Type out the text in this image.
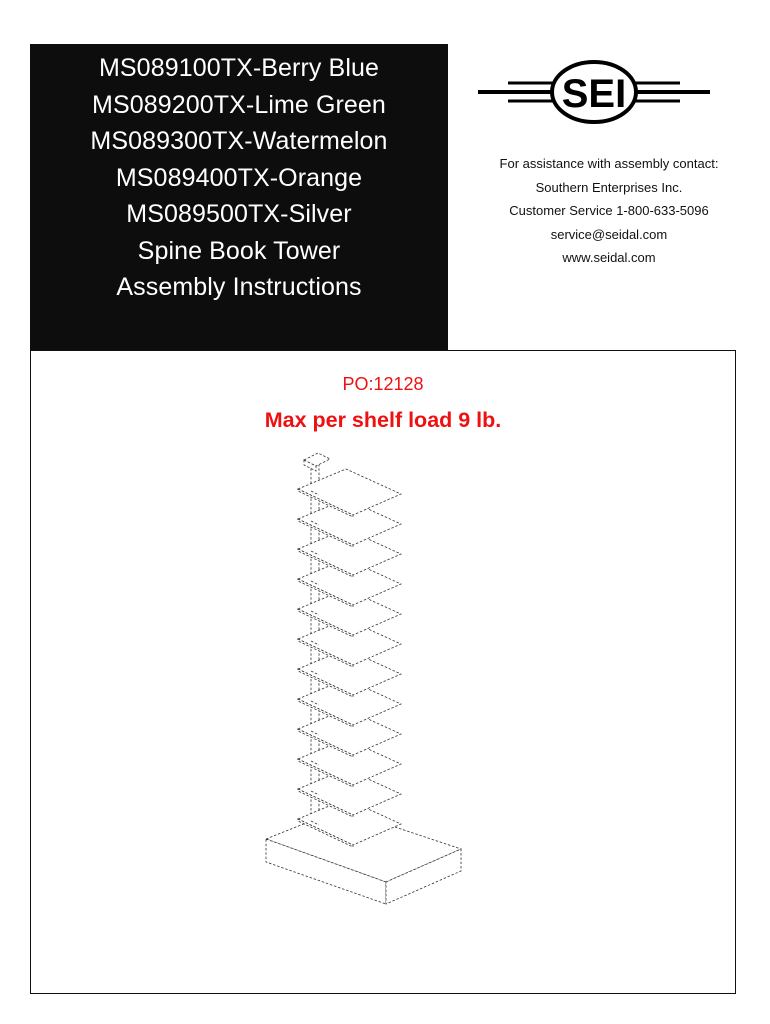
MS089100TX-Berry Blue
MS089200TX-Lime Green
MS089300TX-Watermelon
MS089400TX-Orange
MS089500TX-Silver
Spine Book Tower
Assembly Instructions
SEI
For assistance with assembly contact:
Southern Enterprises Inc.
Customer Service 1-800-633-5096
service@seidal.com
www.seidal.com
PO:12128
Max per shelf load 9 lb.
